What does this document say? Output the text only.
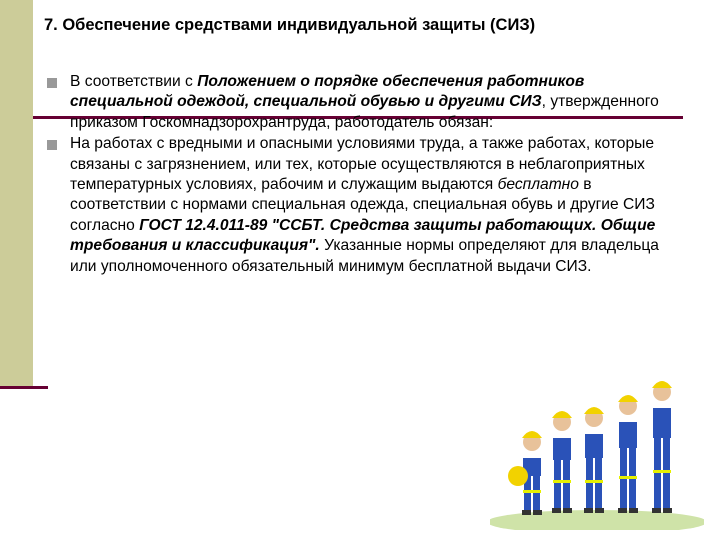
7. Обеспечение средствами индивидуальной защиты (СИЗ)
В соответствии с Положением о порядке обеспечения работников специальной одеждой, специальной обувью и другими СИЗ, утвержденного приказом Госкомнадзорохрантруда, работодатель обязан:
На работах с вредными и опасными условиями труда, а также работах, которые связаны с загрязнением, или тех, которые осуществляются в неблагоприятных температурных условиях, рабочим и служащим выдаются бесплатно в соответствии с нормами специальная одежда, специальная обувь и другие СИЗ согласно ГОСТ 12.4.011-89 "ССБТ. Средства защиты работающих. Общие требования и классификация". Указанные нормы определяют для владельца или уполномоченного обязательный минимум бесплатной выдачи СИЗ.
